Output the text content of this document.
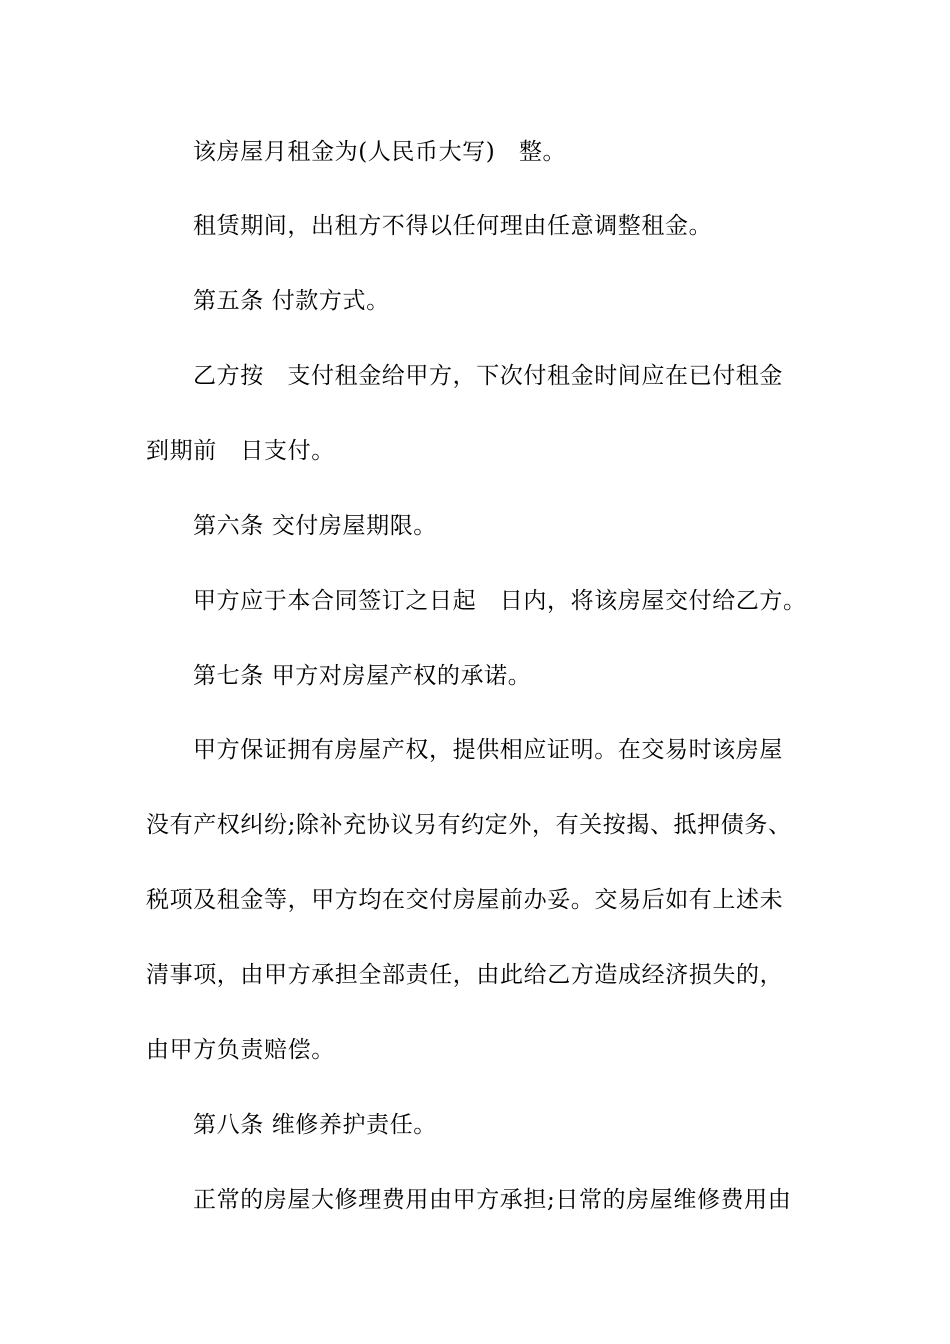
该房屋月租金为(人民币大写)　整。
租赁期间，出租方不得以任何理由任意调整租金。
第五条 付款方式。
乙方按　支付租金给甲方，下次付租金时间应在已付租金
到期前　日支付。
第六条 交付房屋期限。
甲方应于本合同签订之日起　日内，将该房屋交付给乙方。
第七条 甲方对房屋产权的承诺。
甲方保证拥有房屋产权，提供相应证明。在交易时该房屋
没有产权纠纷;除补充协议另有约定外，有关按揭、抵押债务、
税项及租金等，甲方均在交付房屋前办妥。交易后如有上述未
清事项，由甲方承担全部责任，由此给乙方造成经济损失的，
由甲方负责赔偿。
第八条 维修养护责任。
正常的房屋大修理费用由甲方承担;日常的房屋维修费用由
